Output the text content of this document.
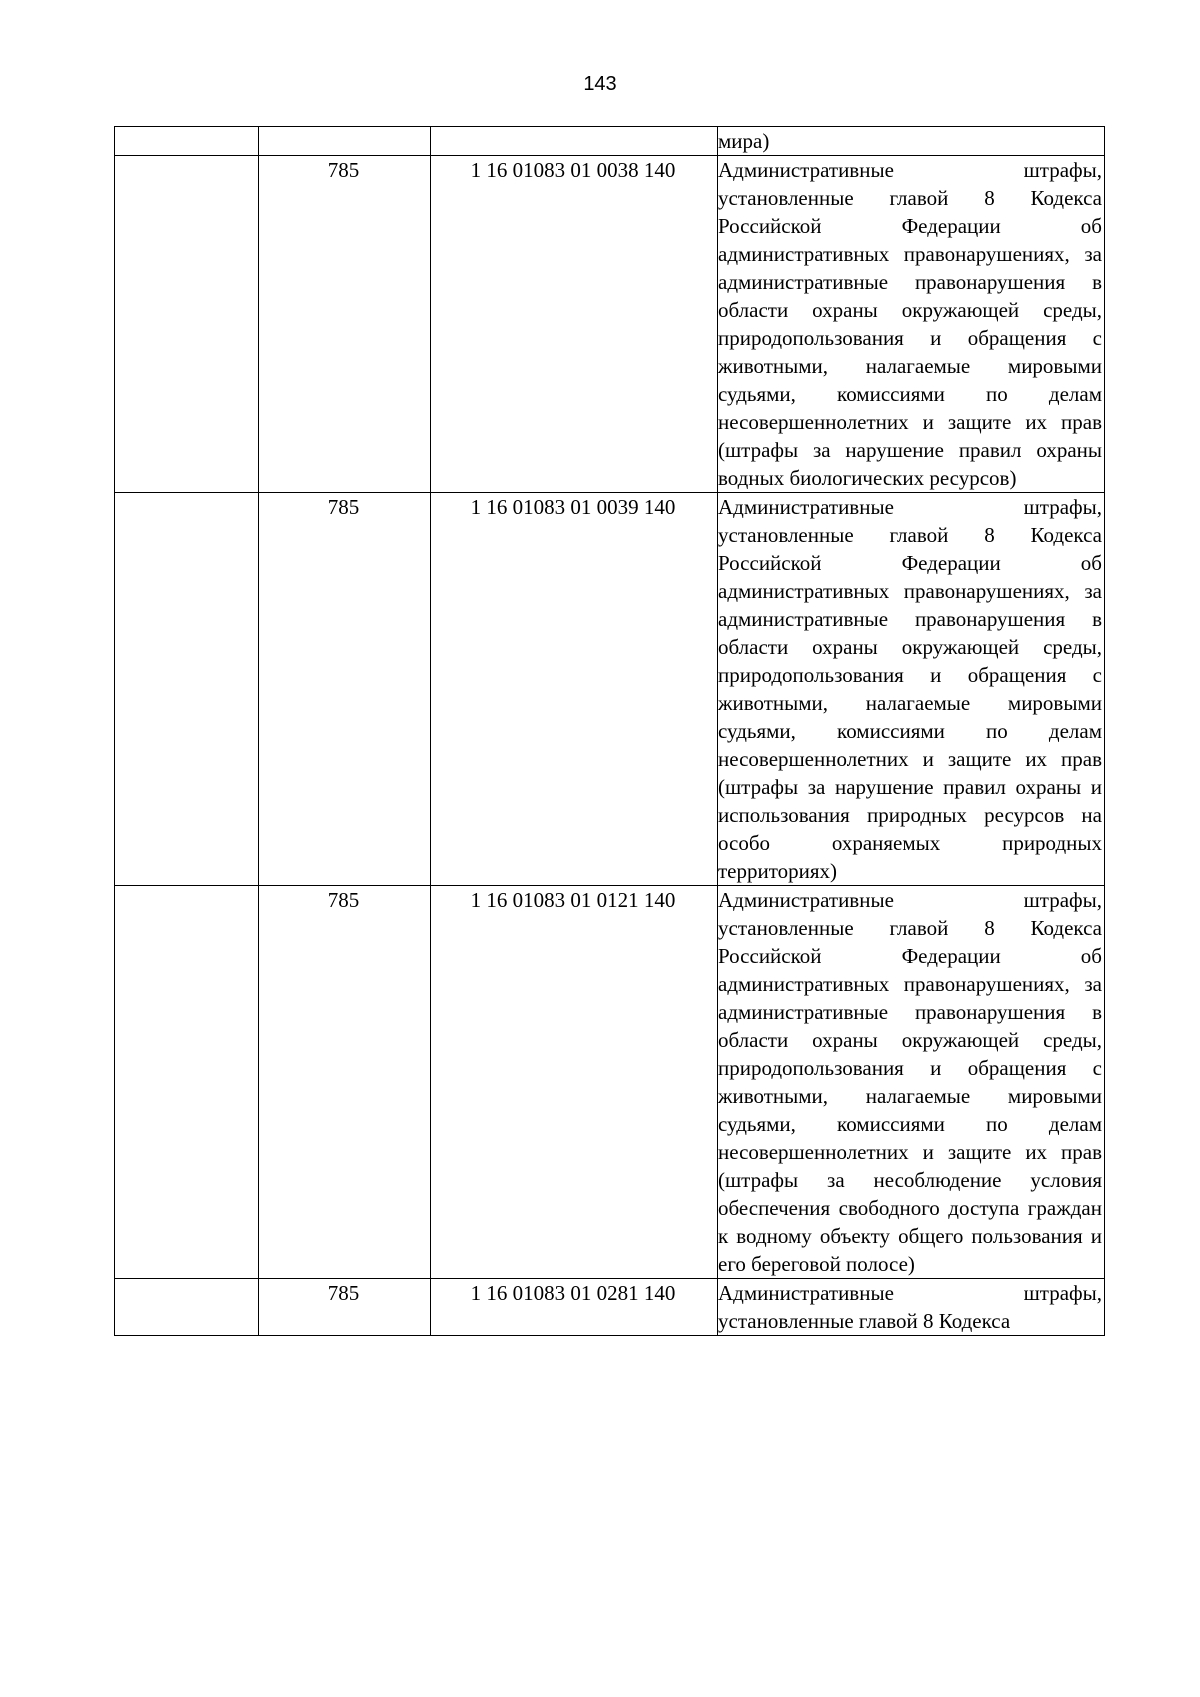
143
			мира)
	785	1 16 01083 01 0038 140	Административные штрафы, установленные главой 8 Кодекса Российской Федерации об административных правонарушениях, за административные правонарушения в области охраны окружающей среды, природопользования и обращения с животными, налагаемые мировыми судьями, комиссиями по делам несовершеннолетних и защите их прав (штрафы за нарушение правил охраны водных биологических ресурсов)
	785	1 16 01083 01 0039 140	Административные штрафы, установленные главой 8 Кодекса Российской Федерации об административных правонарушениях, за административные правонарушения в области охраны окружающей среды, природопользования и обращения с животными, налагаемые мировыми судьями, комиссиями по делам несовершеннолетних и защите их прав (штрафы за нарушение правил охраны и использования природных ресурсов на особо охраняемых природных территориях)
	785	1 16 01083 01 0121 140	Административные штрафы, установленные главой 8 Кодекса Российской Федерации об административных правонарушениях, за административные правонарушения в области охраны окружающей среды, природопользования и обращения с животными, налагаемые мировыми судьями, комиссиями по делам несовершеннолетних и защите их прав (штрафы за несоблюдение условия обеспечения свободного доступа граждан к водному объекту общего пользования и его береговой полосе)
	785	1 16 01083 01 0281 140	Административные штрафы, установленные главой 8 Кодекса
